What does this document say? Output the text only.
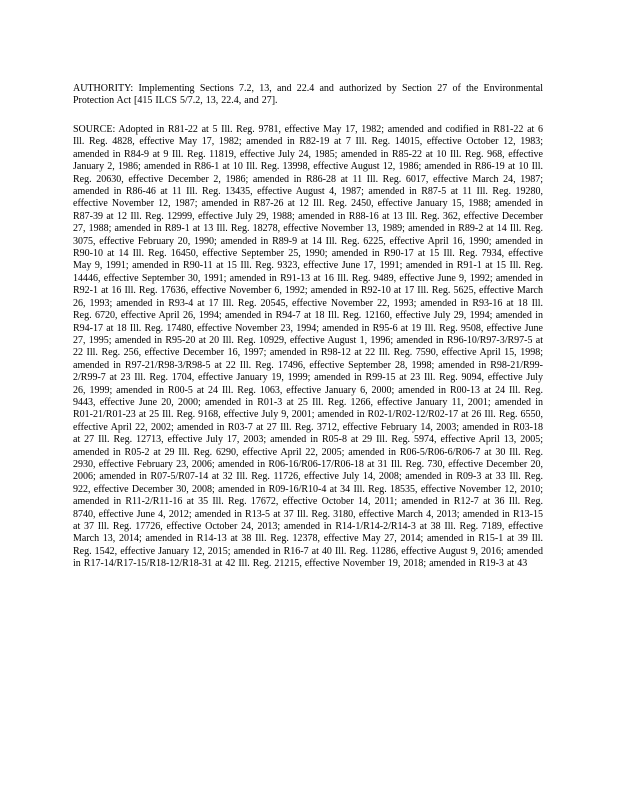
AUTHORITY: Implementing Sections 7.2, 13, and 22.4 and authorized by Section 27 of the Environmental Protection Act [415 ILCS 5/7.2, 13, 22.4, and 27].

SOURCE: Adopted in R81-22 at 5 Ill. Reg. 9781, effective May 17, 1982; amended and codified in R81-22 at 6 Ill. Reg. 4828, effective May 17, 1982; amended in R82-19 at 7 Ill. Reg. 14015, effective October 12, 1983; amended in R84-9 at 9 Ill. Reg. 11819, effective July 24, 1985; amended in R85-22 at 10 Ill. Reg. 968, effective January 2, 1986; amended in R86-1 at 10 Ill. Reg. 13998, effective August 12, 1986; amended in R86-19 at 10 Ill. Reg. 20630, effective December 2, 1986; amended in R86-28 at 11 Ill. Reg. 6017, effective March 24, 1987; amended in R86-46 at 11 Ill. Reg. 13435, effective August 4, 1987; amended in R87-5 at 11 Ill. Reg. 19280, effective November 12, 1987; amended in R87-26 at 12 Ill. Reg. 2450, effective January 15, 1988; amended in R87-39 at 12 Ill. Reg. 12999, effective July 29, 1988; amended in R88-16 at 13 Ill. Reg. 362, effective December 27, 1988; amended in R89-1 at 13 Ill. Reg. 18278, effective November 13, 1989; amended in R89-2 at 14 Ill. Reg. 3075, effective February 20, 1990; amended in R89-9 at 14 Ill. Reg. 6225, effective April 16, 1990; amended in R90-10 at 14 Ill. Reg. 16450, effective September 25, 1990; amended in R90-17 at 15 Ill. Reg. 7934, effective May 9, 1991; amended in R90-11 at 15 Ill. Reg. 9323, effective June 17, 1991; amended in R91-1 at 15 Ill. Reg. 14446, effective September 30, 1991; amended in R91-13 at 16 Ill. Reg. 9489, effective June 9, 1992; amended in R92-1 at 16 Ill. Reg. 17636, effective November 6, 1992; amended in R92-10 at 17 Ill. Reg. 5625, effective March 26, 1993; amended in R93-4 at 17 Ill. Reg. 20545, effective November 22, 1993; amended in R93-16 at 18 Ill. Reg. 6720, effective April 26, 1994; amended in R94-7 at 18 Ill. Reg. 12160, effective July 29, 1994; amended in R94-17 at 18 Ill. Reg. 17480, effective November 23, 1994; amended in R95-6 at 19 Ill. Reg. 9508, effective June 27, 1995; amended in R95-20 at 20 Ill. Reg. 10929, effective August 1, 1996; amended in R96-10/R97-3/R97-5 at 22 Ill. Reg. 256, effective December 16, 1997; amended in R98-12 at 22 Ill. Reg. 7590, effective April 15, 1998; amended in R97-21/R98-3/R98-5 at 22 Ill. Reg. 17496, effective September 28, 1998; amended in R98-21/R99-2/R99-7 at 23 Ill. Reg. 1704, effective January 19, 1999; amended in R99-15 at 23 Ill. Reg. 9094, effective July 26, 1999; amended in R00-5 at 24 Ill. Reg. 1063, effective January 6, 2000; amended in R00-13 at 24 Ill. Reg. 9443, effective June 20, 2000; amended in R01-3 at 25 Ill. Reg. 1266, effective January 11, 2001; amended in R01-21/R01-23 at 25 Ill. Reg. 9168, effective July 9, 2001; amended in R02-1/R02-12/R02-17 at 26 Ill. Reg. 6550, effective April 22, 2002; amended in R03-7 at 27 Ill. Reg. 3712, effective February 14, 2003; amended in R03-18 at 27 Ill. Reg. 12713, effective July 17, 2003; amended in R05-8 at 29 Ill. Reg. 5974, effective April 13, 2005; amended in R05-2 at 29 Ill. Reg. 6290, effective April 22, 2005; amended in R06-5/R06-6/R06-7 at 30 Ill. Reg. 2930, effective February 23, 2006; amended in R06-16/R06-17/R06-18 at 31 Ill. Reg. 730, effective December 20, 2006; amended in R07-5/R07-14 at 32 Ill. Reg. 11726, effective July 14, 2008; amended in R09-3 at 33 Ill. Reg. 922, effective December 30, 2008; amended in R09-16/R10-4 at 34 Ill. Reg. 18535, effective November 12, 2010; amended in R11-2/R11-16 at 35 Ill. Reg. 17672, effective October 14, 2011; amended in R12-7 at 36 Ill. Reg. 8740, effective June 4, 2012; amended in R13-5 at 37 Ill. Reg. 3180, effective March 4, 2013; amended in R13-15 at 37 Ill. Reg. 17726, effective October 24, 2013; amended in R14-1/R14-2/R14-3 at 38 Ill. Reg. 7189, effective March 13, 2014; amended in R14-13 at 38 Ill. Reg. 12378, effective May 27, 2014; amended in R15-1 at 39 Ill. Reg. 1542, effective January 12, 2015; amended in R16-7 at 40 Ill. Reg. 11286, effective August 9, 2016; amended in R17-14/R17-15/R18-12/R18-31 at 42 Ill. Reg. 21215, effective November 19, 2018; amended in R19-3 at 43
